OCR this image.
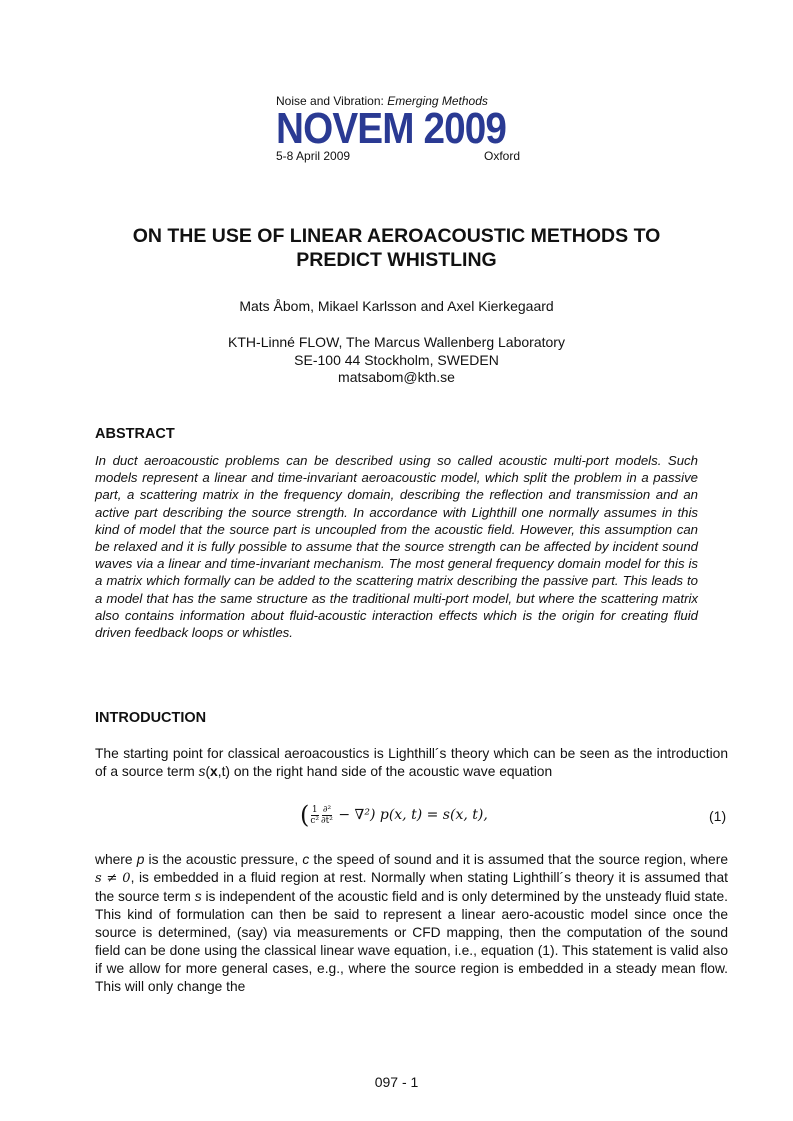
Noise and Vibration: Emerging Methods
NOVEM 2009
5-8 April 2009	Oxford
ON THE USE OF LINEAR AEROACOUSTIC METHODS TO
PREDICT WHISTLING
Mats Åbom, Mikael Karlsson and Axel Kierkegaard
KTH-Linné FLOW, The Marcus Wallenberg Laboratory
SE-100 44 Stockholm, SWEDEN
matsabom@kth.se
ABSTRACT
In duct aeroacoustic problems can be described using so called acoustic multi-port models. Such models represent a linear and time-invariant aeroacoustic model, which split the problem in a passive part, a scattering matrix in the frequency domain, describing the reflection and transmission and an active part describing the source strength. In accordance with Lighthill one normally assumes in this kind of model that the source part is uncoupled from the acoustic field. However, this assumption can be relaxed and it is fully possible to assume that the source strength can be affected by incident sound waves via a linear and time-invariant mechanism. The most general frequency domain model for this is a matrix which formally can be added to the scattering matrix describing the passive part. This leads to a model that has the same structure as the traditional multi-port model, but where the scattering matrix also contains information about fluid-acoustic interaction effects which is the origin for creating fluid driven feedback loops or whistles.
INTRODUCTION
The starting point for classical aeroacoustics is Lighthill´s theory which can be seen as the introduction of a source term s(x,t) on the right hand side of the acoustic wave equation
( $\frac{1}{\text{c²}} \frac{\text{∂²}}{\text{∂t²}} - \nabla^2$) p(x, t) = s(x, t),	(1)
where p is the acoustic pressure, c the speed of sound and it is assumed that the source region, where s ≠ 0, is embedded in a fluid region at rest. Normally when stating Lighthill´s theory it is assumed that the source term s is independent of the acoustic field and is only determined by the unsteady fluid state. This kind of formulation can then be said to represent a linear aero-acoustic model since once the source is determined, (say) via measurements or CFD mapping, then the computation of the sound field can be done using the classical linear wave equation, i.e., equation (1). This statement is valid also if we allow for more general cases, e.g., where the source region is embedded in a steady mean flow. This will only change the
097 - 1
